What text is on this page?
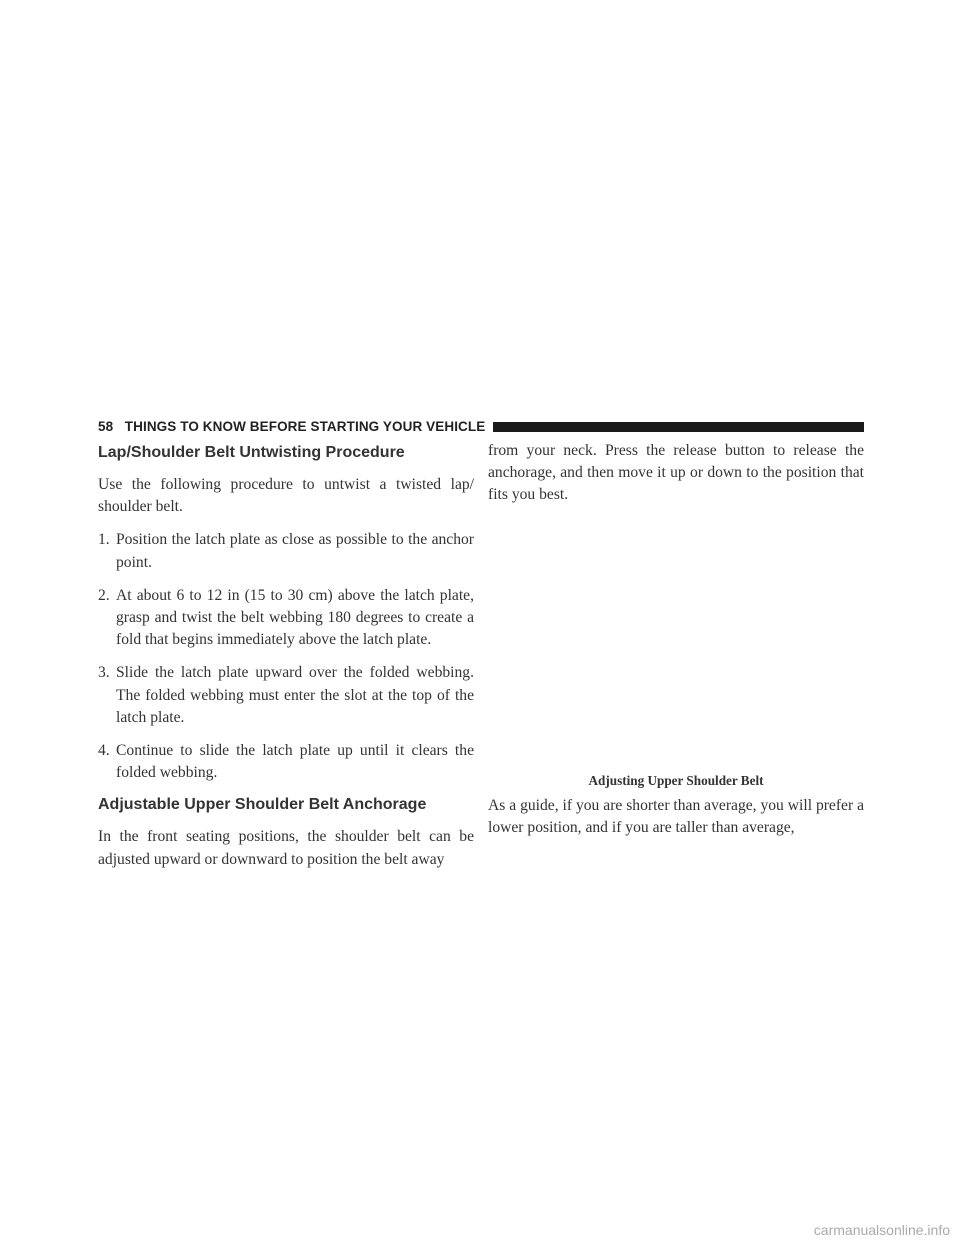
58 THINGS TO KNOW BEFORE STARTING YOUR VEHICLE
Lap/Shoulder Belt Untwisting Procedure

Use the following procedure to untwist a twisted lap/ shoulder belt.

1. Position the latch plate as close as possible to the anchor point.
2. At about 6 to 12 in (15 to 30 cm) above the latch plate, grasp and twist the belt webbing 180 degrees to create a fold that begins immediately above the latch plate.
3. Slide the latch plate upward over the folded webbing. The folded webbing must enter the slot at the top of the latch plate.
4. Continue to slide the latch plate up until it clears the folded webbing.
Adjustable Upper Shoulder Belt Anchorage

In the front seating positions, the shoulder belt can be adjusted upward or downward to position the belt away

from your neck. Press the release button to release the anchorage, and then move it up or down to the position that fits you best.

Adjusting Upper Shoulder Belt

As a guide, if you are shorter than average, you will prefer a lower position, and if you are taller than average,

carmanualsonline.info
